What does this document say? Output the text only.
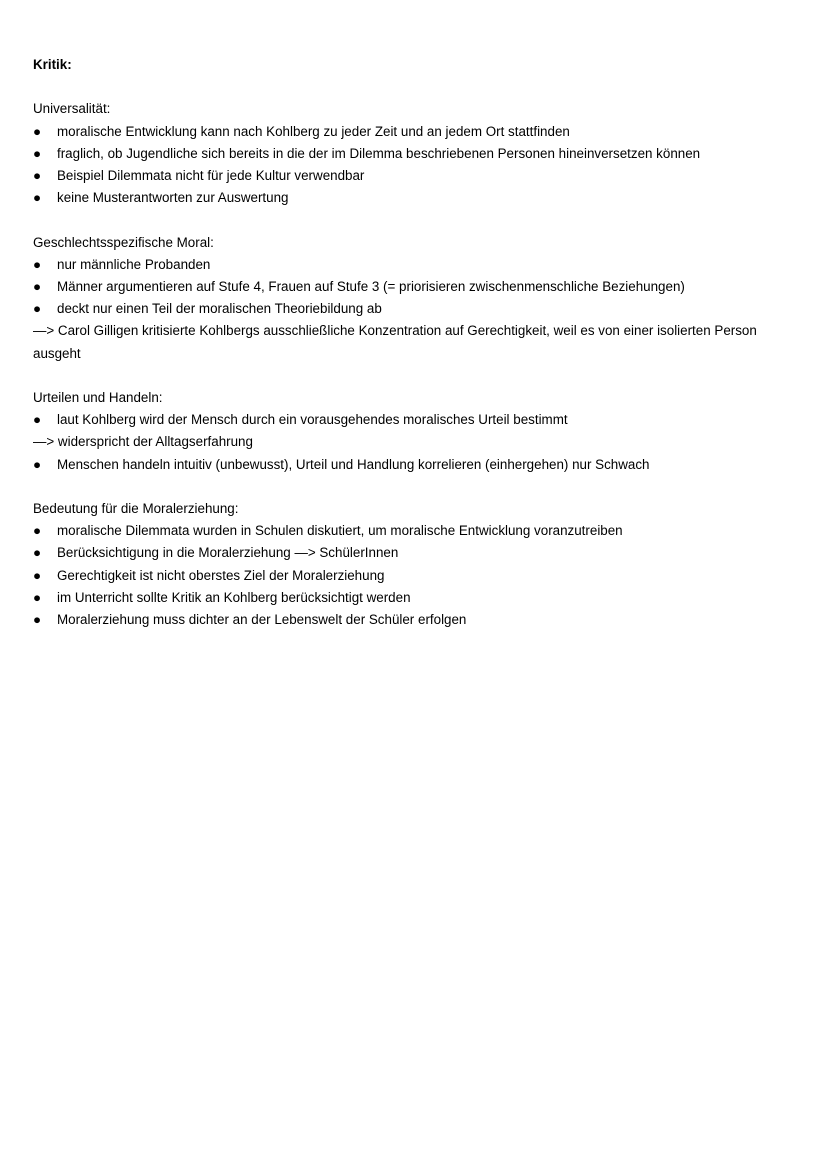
Kritik:

Universalität:

● moralische Entwicklung kann nach Kohlberg zu jeder Zeit und an jedem Ort stattfinden
● fraglich, ob Jugendliche sich bereits in die der im Dilemma beschriebenen Personen hineinversetzen können
● Beispiel Dilemmata nicht für jede Kultur verwendbar
● keine Musterantworten zur Auswertung

Geschlechtsspezifische Moral:

● nur männliche Probanden
● Männer argumentieren auf Stufe 4, Frauen auf Stufe 3 (= priorisieren zwischenmenschliche Beziehungen)
● deckt nur einen Teil der moralischen Theoriebildung ab

—> Carol Gilligen kritisierte Kohlbergs ausschließliche Konzentration auf Gerechtigkeit, weil es von einer isolierten Person ausgeht

Urteilen und Handeln:

● laut Kohlberg wird der Mensch durch ein vorausgehendes moralisches Urteil bestimmt

—> widerspricht der Alltagserfahrung

● Menschen handeln intuitiv (unbewusst), Urteil und Handlung korrelieren (einhergehen) nur Schwach

Bedeutung für die Moralerziehung:

● moralische Dilemmata wurden in Schulen diskutiert, um moralische Entwicklung voranzutreiben
● Berücksichtigung in die Moralerziehung —> SchülerInnen
● Gerechtigkeit ist nicht oberstes Ziel der Moralerziehung
● im Unterricht sollte Kritik an Kohlberg berücksichtigt werden
● Moralerziehung muss dichter an der Lebenswelt der Schüler erfolgen
